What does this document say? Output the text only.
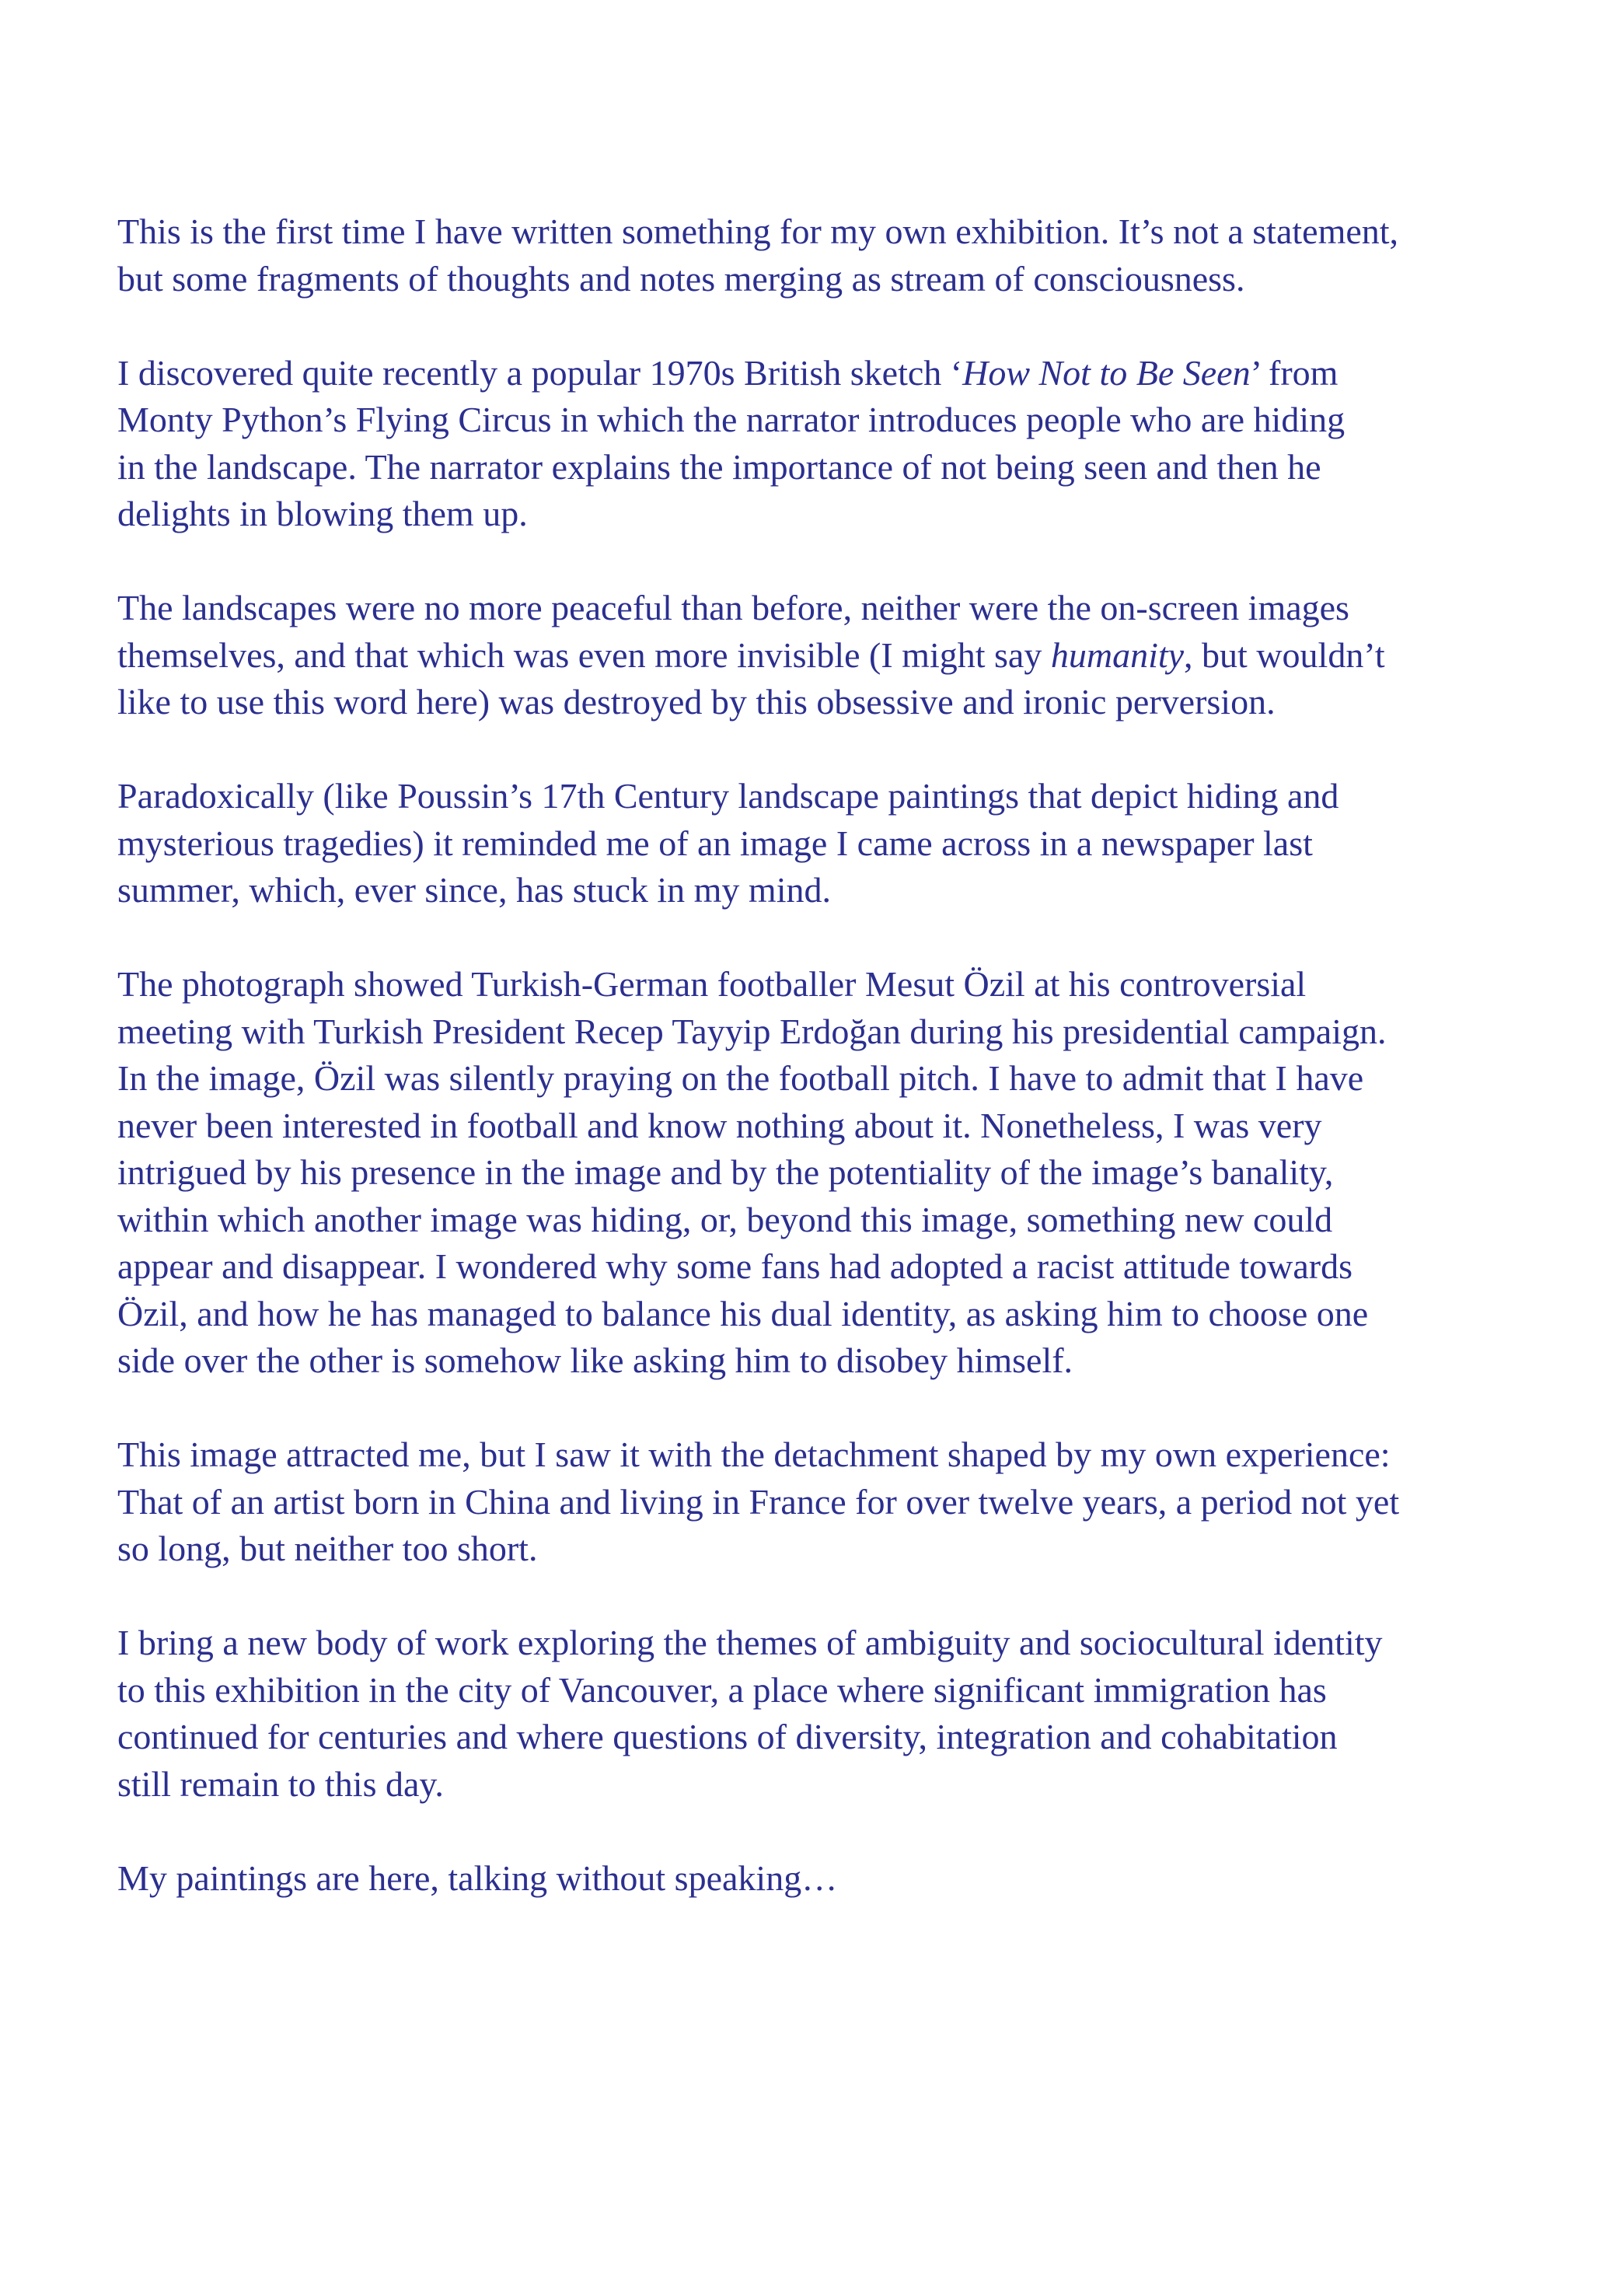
This is the first time I have written something for my own exhibition. It’s not a statement,
but some fragments of thoughts and notes merging as stream of consciousness.

I discovered quite recently a popular 1970s British sketch ‘How Not to Be Seen’ from
Monty Python’s Flying Circus in which the narrator introduces people who are hiding
in the landscape. The narrator explains the importance of not being seen and then he
delights in blowing them up.

The landscapes were no more peaceful than before, neither were the on-screen images
themselves, and that which was even more invisible (I might say humanity, but wouldn’t
like to use this word here) was destroyed by this obsessive and ironic perversion.

Paradoxically (like Poussin’s 17th Century landscape paintings that depict hiding and
mysterious tragedies) it reminded me of an image I came across in a newspaper last
summer, which, ever since, has stuck in my mind.

The photograph showed Turkish-German footballer Mesut Özil at his controversial
meeting with Turkish President Recep Tayyip Erdoğan during his presidential campaign.
In the image, Özil was silently praying on the football pitch. I have to admit that I have
never been interested in football and know nothing about it. Nonetheless, I was very
intrigued by his presence in the image and by the potentiality of the image’s banality,
within which another image was hiding, or, beyond this image, something new could
appear and disappear. I wondered why some fans had adopted a racist attitude towards
Özil, and how he has managed to balance his dual identity, as asking him to choose one
side over the other is somehow like asking him to disobey himself.

This image attracted me, but I saw it with the detachment shaped by my own experience:
That of an artist born in China and living in France for over twelve years, a period not yet
so long, but neither too short.

I bring a new body of work exploring the themes of ambiguity and sociocultural identity
to this exhibition in the city of Vancouver, a place where significant immigration has
continued for centuries and where questions of diversity, integration and cohabitation
still remain to this day.

My paintings are here, talking without speaking…
